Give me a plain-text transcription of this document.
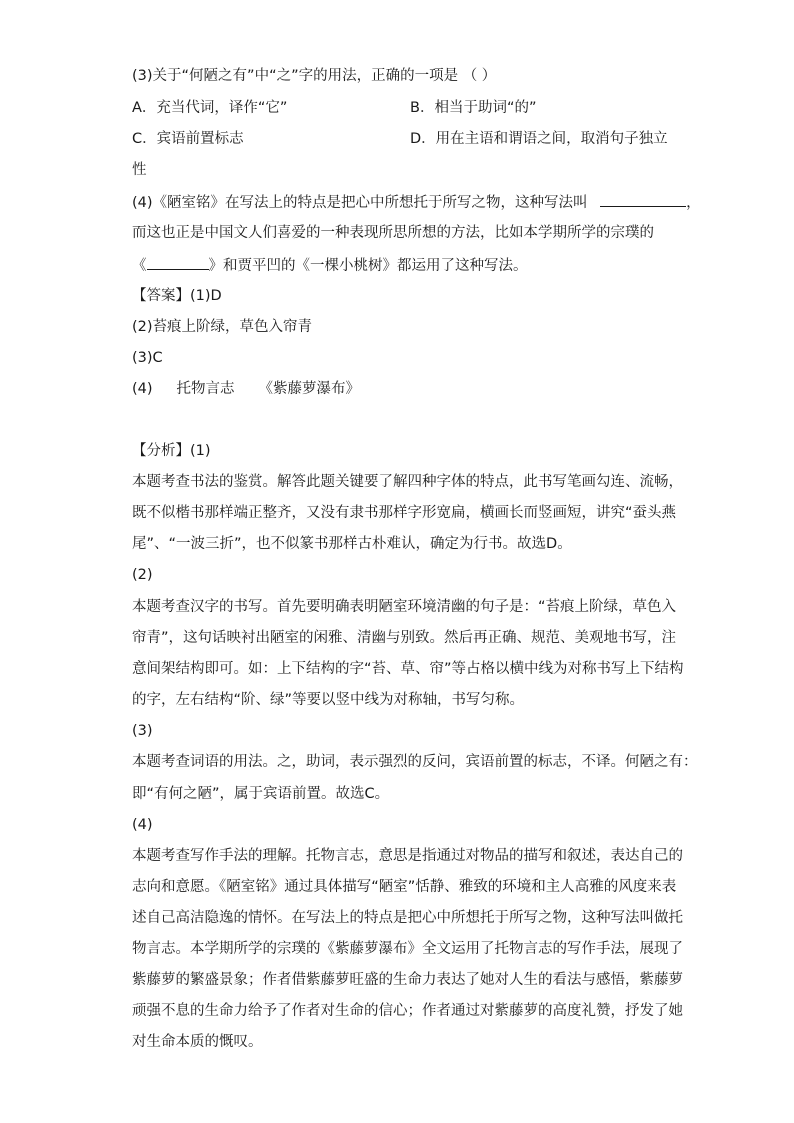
(3)关于“何陋之有”中“之”字的用法，正确的一项是 （ ）
A．充当代词，译作“它”	B．相当于助词“的”
C．宾语前置标志	D．用在主语和谓语之间，取消句子独立
性
(4)《陋室铭》在写法上的特点是把心中所想托于所写之物，这种写法叫	，
而这也正是中国文人们喜爱的一种表现所思所想的方法，比如本学期所学的宗璞的
《	》和贾平凹的《一棵小桃树》都运用了这种写法。
【答案】(1)D
(2)苔痕上阶绿，草色入帘青
(3)C
(4) 托物言志 《紫藤萝瀑布》
【分析】(1)
本题考查书法的鉴赏。解答此题关键要了解四种字体的特点，此书写笔画勾连、流畅，
既不似楷书那样端正整齐，又没有隶书那样字形宽扁，横画长而竖画短，讲究“蚕头燕
尾”、“一波三折”，也不似篆书那样古朴难认，确定为行书。故选D。
(2)
本题考查汉字的书写。首先要明确表明陋室环境清幽的句子是：“苔痕上阶绿，草色入
帘青”，这句话映衬出陋室的闲雅、清幽与别致。然后再正确、规范、美观地书写，注
意间架结构即可。如：上下结构的字“苔、草、帘”等占格以横中线为对称书写上下结构
的字，左右结构“阶、绿”等要以竖中线为对称轴，书写匀称。
(3)
本题考查词语的用法。之，助词，表示强烈的反问，宾语前置的标志，不译。何陋之有：
即“有何之陋”，属于宾语前置。故选C。
(4)
本题考查写作手法的理解。托物言志，意思是指通过对物品的描写和叙述，表达自己的
志向和意愿。《陋室铭》通过具体描写“陋室”恬静、雅致的环境和主人高雅的风度来表
述自己高洁隐逸的情怀。在写法上的特点是把心中所想托于所写之物，这种写法叫做托
物言志。本学期所学的宗璞的《紫藤萝瀑布》全文运用了托物言志的写作手法，展现了
紫藤萝的繁盛景象；作者借紫藤萝旺盛的生命力表达了她对人生的看法与感悟，紫藤萝
顽强不息的生命力给予了作者对生命的信心；作者通过对紫藤萝的高度礼赞，抒发了她
对生命本质的慨叹。
